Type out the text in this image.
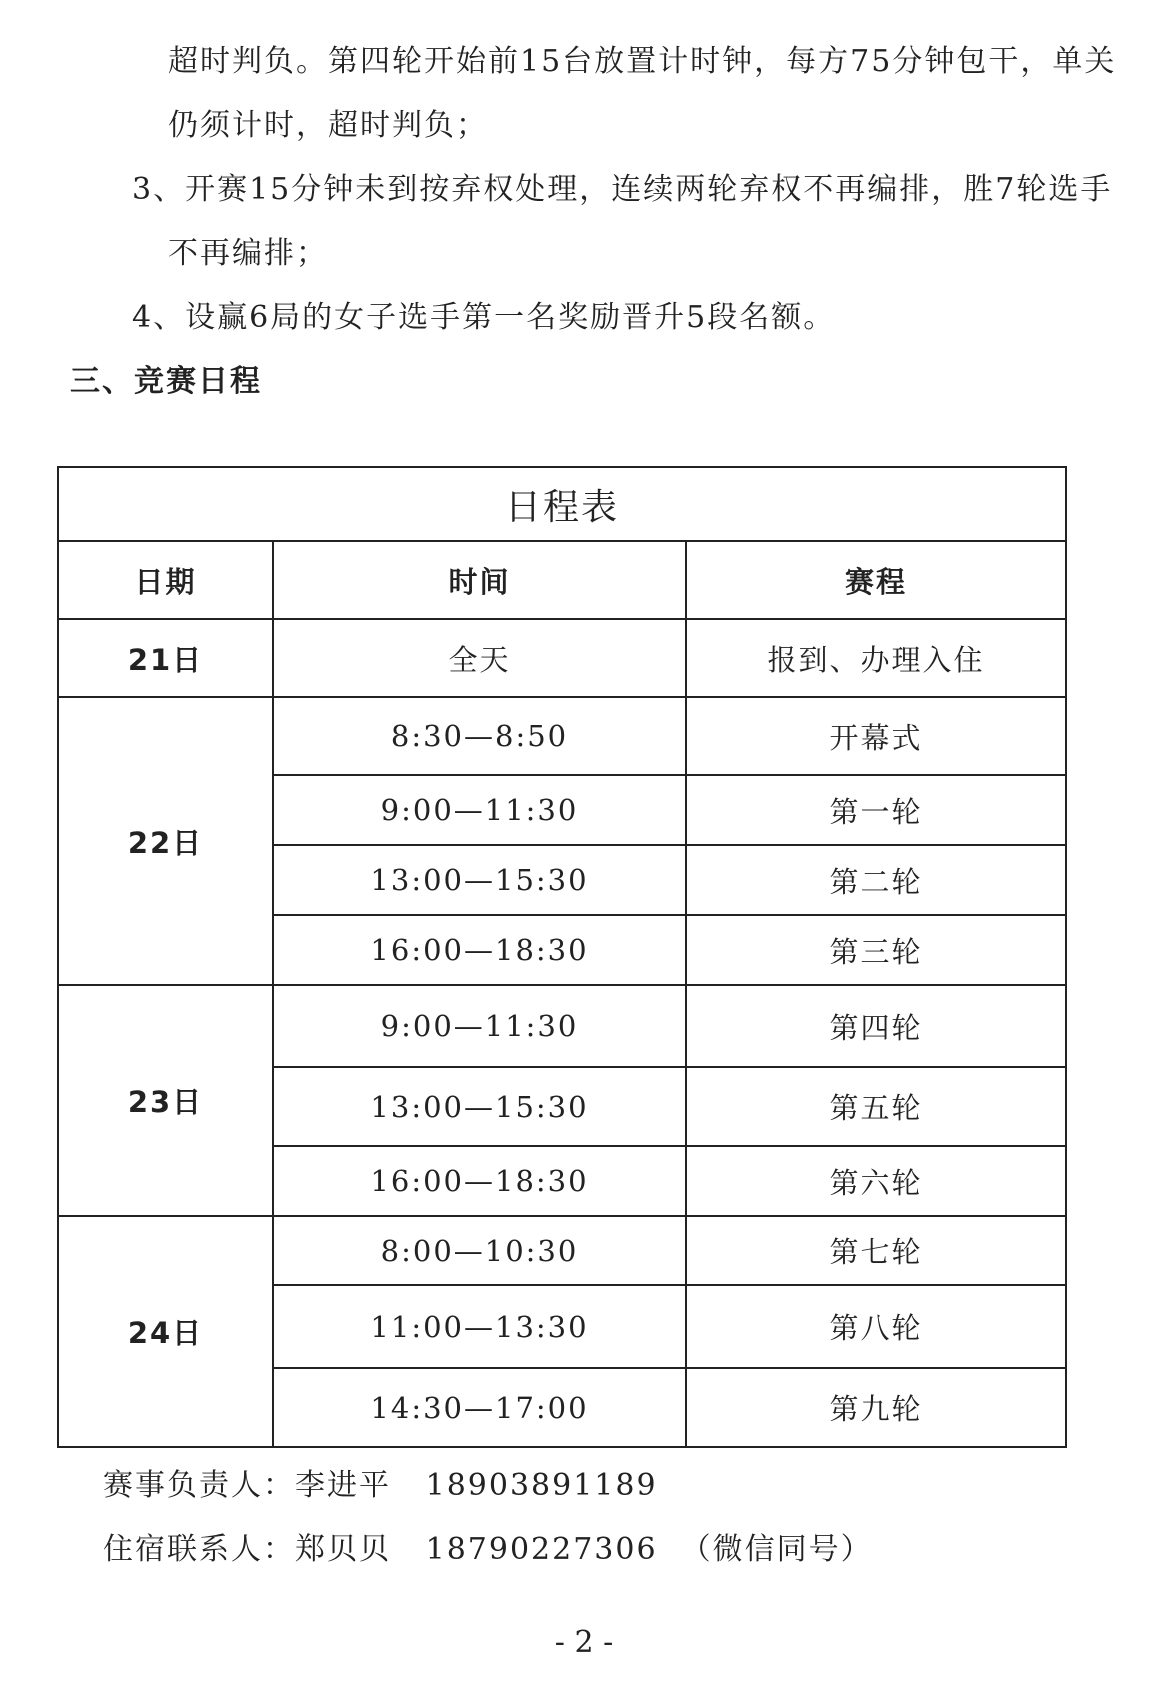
超时判负。第四轮开始前15台放置计时钟，每方75分钟包干，单关
仍须计时，超时判负；
3、开赛15分钟未到按弃权处理，连续两轮弃权不再编排，胜7轮选手
不再编排；
4、设赢6局的女子选手第一名奖励晋升5段名额。
三、竞赛日程
日程表		
日期	时间	赛程
21日	全天	报到、办理入住
22日	8:30—8:50	开幕式
	9:00—11:30	第一轮
	13:00—15:30	第二轮
	16:00—18:30	第三轮
23日	9:00—11:30	第四轮
	13:00—15:30	第五轮
	16:00—18:30	第六轮
24日	8:00—10:30	第七轮
	11:00—13:30	第八轮
	14:30—17:00	第九轮
赛事负责人：李进平 18903891189
住宿联系人：郑贝贝 18790227306 （微信同号）
- 2 -
